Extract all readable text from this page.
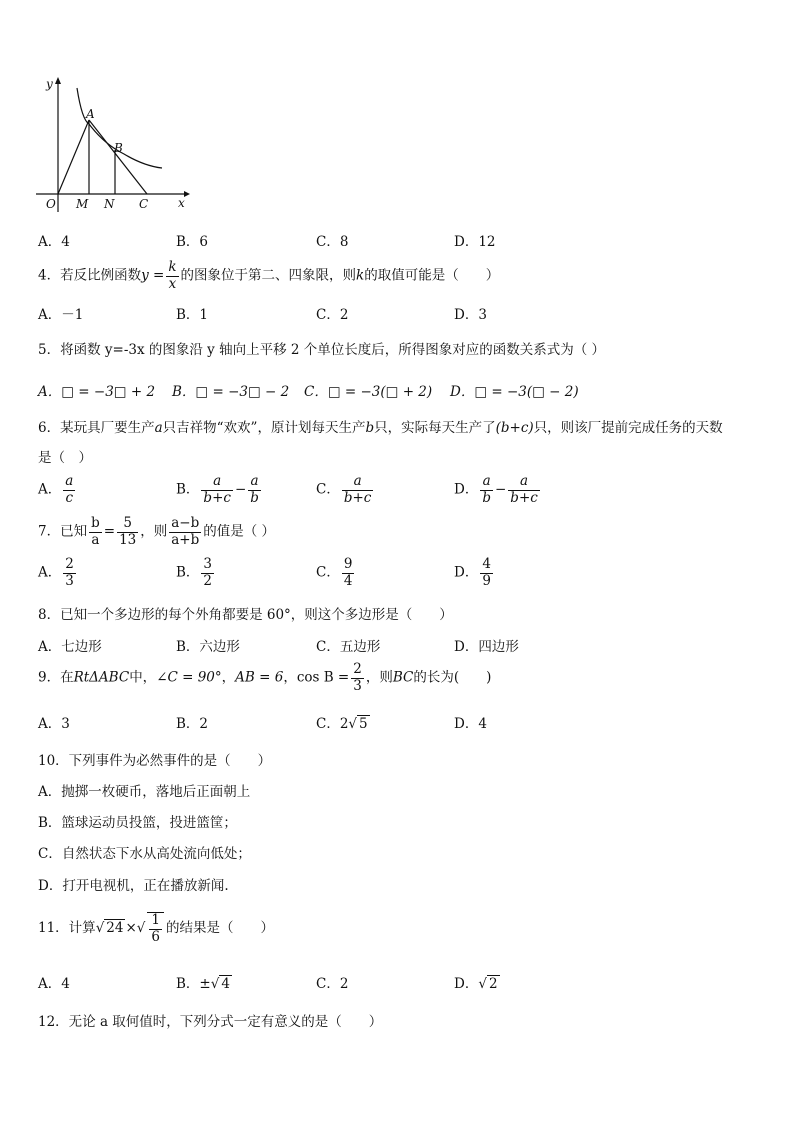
y
x
O
A
B
M N C
A．4	B．6	C．8	D．12
4．若反比例函数$y = \frac{k}{x}$ 的图象位于第二、四象限，则k的取值可能是（　　）
A．－1	B．1	C．2	D．3
5．将函数 y=-3x 的图象沿 y 轴向上平移 2 个单位长度后，所得图象对应的函数关系式为（ ）
A．□ = −3□ + 2 B．□ = −3□ − 2 C．□ = −3(□ + 2) D．□ = −3(□ − 2)
6．某玩具厂要生产a只吉祥物“欢欢”，原计划每天生产b只，实际每天生产了(b+c)只，则该厂提前完成任务的天数
是（　）
A． $\frac{a}{c}$	B． $\frac{a}{b+c} - \frac{a}{b}$	C． $\frac{a}{b+c}$	D． $\frac{a}{b} - \frac{a}{b+c}$
7．已知 $\frac{b}{a} = \frac{5}{13}$ ，则 $\frac{a-b}{a+b}$ 的值是（ ）
A． $\frac{2}{3}$	B． $\frac{3}{2}$	C． $\frac{9}{4}$	D． $\frac{4}{9}$
8．已知一个多边形的每个外角都要是 60°，则这个多边形是（　　）
A．七边形	B．六边形	C．五边形	D．四边形
9．在RtΔABC中，∠C = 90°，AB = 6，$\cos B = \frac{2}{3}$ ，则BC的长为(　　)
A．3	B．2	C．2√ 5	D．4
10．下列事件为必然事件的是（　　）
A．抛掷一枚硬币，落地后正面朝上
B．篮球运动员投篮，投进篮筐；
C．自然状态下水从高处流向低处；
D．打开电视机，正在播放新闻.
11．计算√ 24 ×√ $\frac{1}{6}$ 的结果是（　　）
A．4	B．±√ 4	C．2	D．√ 2
12．无论 a 取何值时，下列分式一定有意义的是（　　）
